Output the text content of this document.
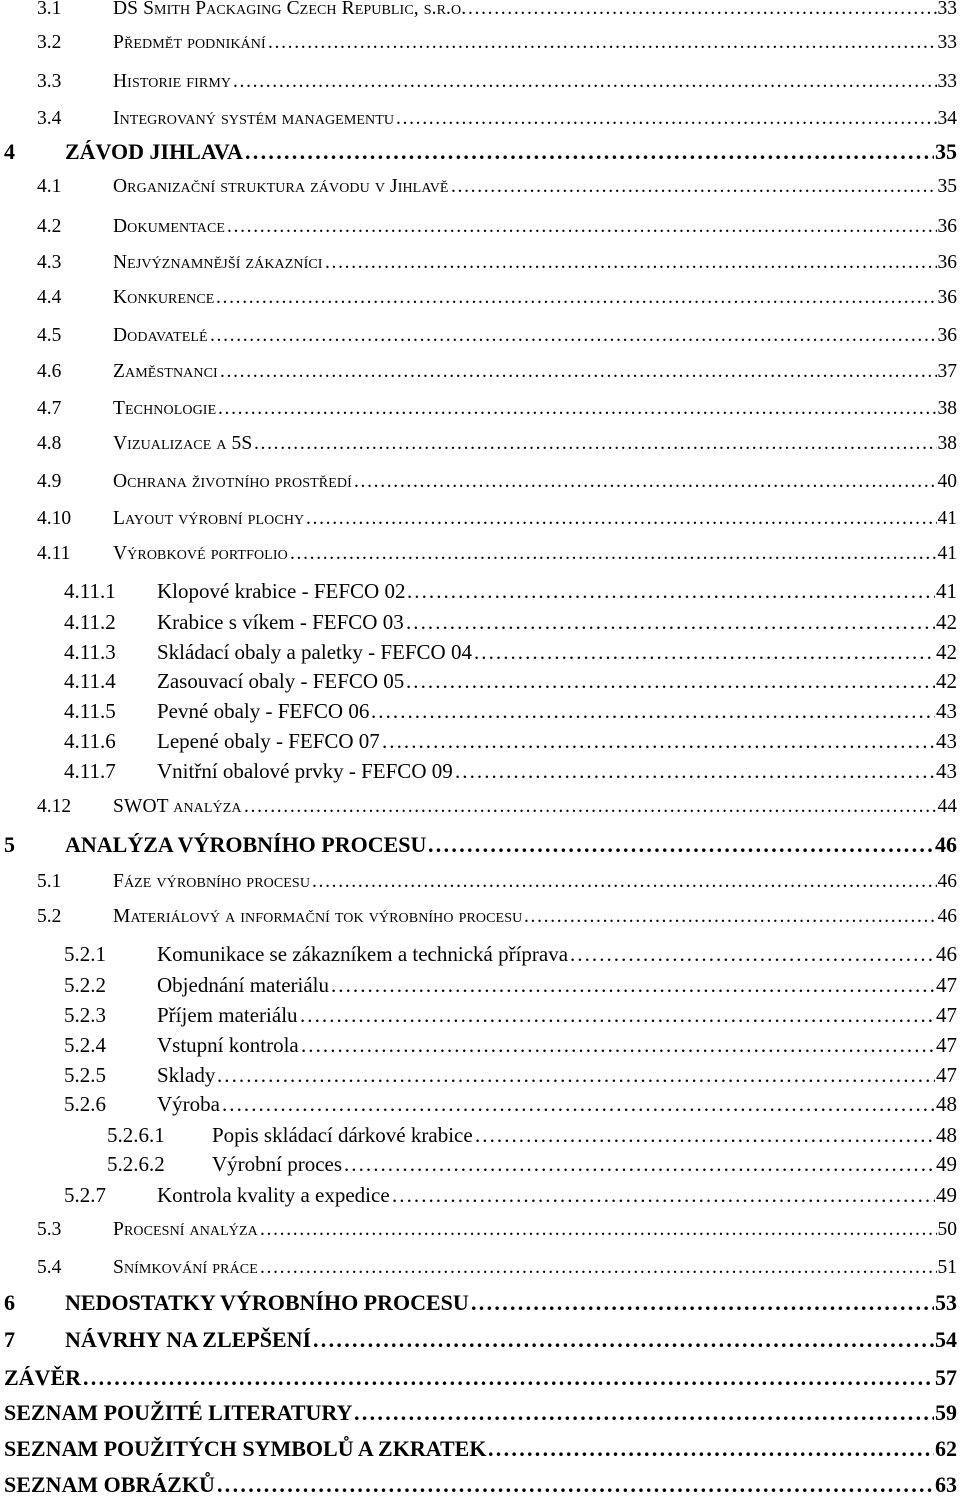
3.1	DS Smith Packaging Czech Republic, s.r.o. . . .	33
3.2	Předmět podnikání . . .	33
3.3	Historie firmy . . .	33
3.4	Integrovaný systém managementu . . .	34
4 ZÁVOD JIHLAVA . . .	35
4.1	Organizační struktura závodu v Jihlavě . . .	35
4.2	Dokumentace . . .	36
4.3	Nejvýznamnější zákazníci . . .	36
4.4	Konkurence . . .	36
4.5	Dodavatelé . . .	36
4.6	Zaměstnanci . . .	37
4.7	Technologie . . .	38
4.8	Vizualizace a 5S . . .	38
4.9	Ochrana životního prostředí . . .	40
4.10 Layout výrobní plochy . . .	41
4.11 Výrobkové portfolio . . .	41
4.11.1 Klopové krabice - FEFCO 02 . . .	41
4.11.2 Krabice s víkem - FEFCO 03 . . .	42
4.11.3 Skládací obaly a paletky - FEFCO 04 . . .	42
4.11.4 Zasouvací obaly - FEFCO 05 . . .	42
4.11.5 Pevné obaly - FEFCO 06 . . .	43
4.11.6 Lepené obaly - FEFCO 07 . . .	43
4.11.7 Vnitřní obalové prvky - FEFCO 09 . . .	43
4.12 SWOT analýza . . .	44
5 ANALÝZA VÝROBNÍHO PROCESU . . .	46
5.1	Fáze výrobního procesu . . .	46
5.2	Materiálový a informační tok výrobního procesu . . .	46
5.2.1 Komunikace se zákazníkem a technická příprava . . .	46
5.2.2 Objednání materiálu . . .	47
5.2.3 Příjem materiálu . . .	47
5.2.4 Vstupní kontrola . . .	47
5.2.5 Sklady . . .	47
5.2.6 Výroba . . .	48
5.2.6.1 Popis skládací dárkové krabice . . .	48
5.2.6.2 Výrobní proces . . .	49
5.2.7 Kontrola kvality a expedice . . .	49
5.3	Procesní analýza . . .	50
5.4	Snímkování práce . . .	51
6 NEDOSTATKY VÝROBNÍHO PROCESU . . .	53
7 NÁVRHY NA ZLEPŠENÍ . . .	54
ZÁVĚR . . .	57
SEZNAM POUŽITÉ LITERATURY . . .	59
SEZNAM POUŽITÝCH SYMBOLŮ A ZKRATEK . . .	62
SEZNAM OBRÁZKŮ . . .	63
